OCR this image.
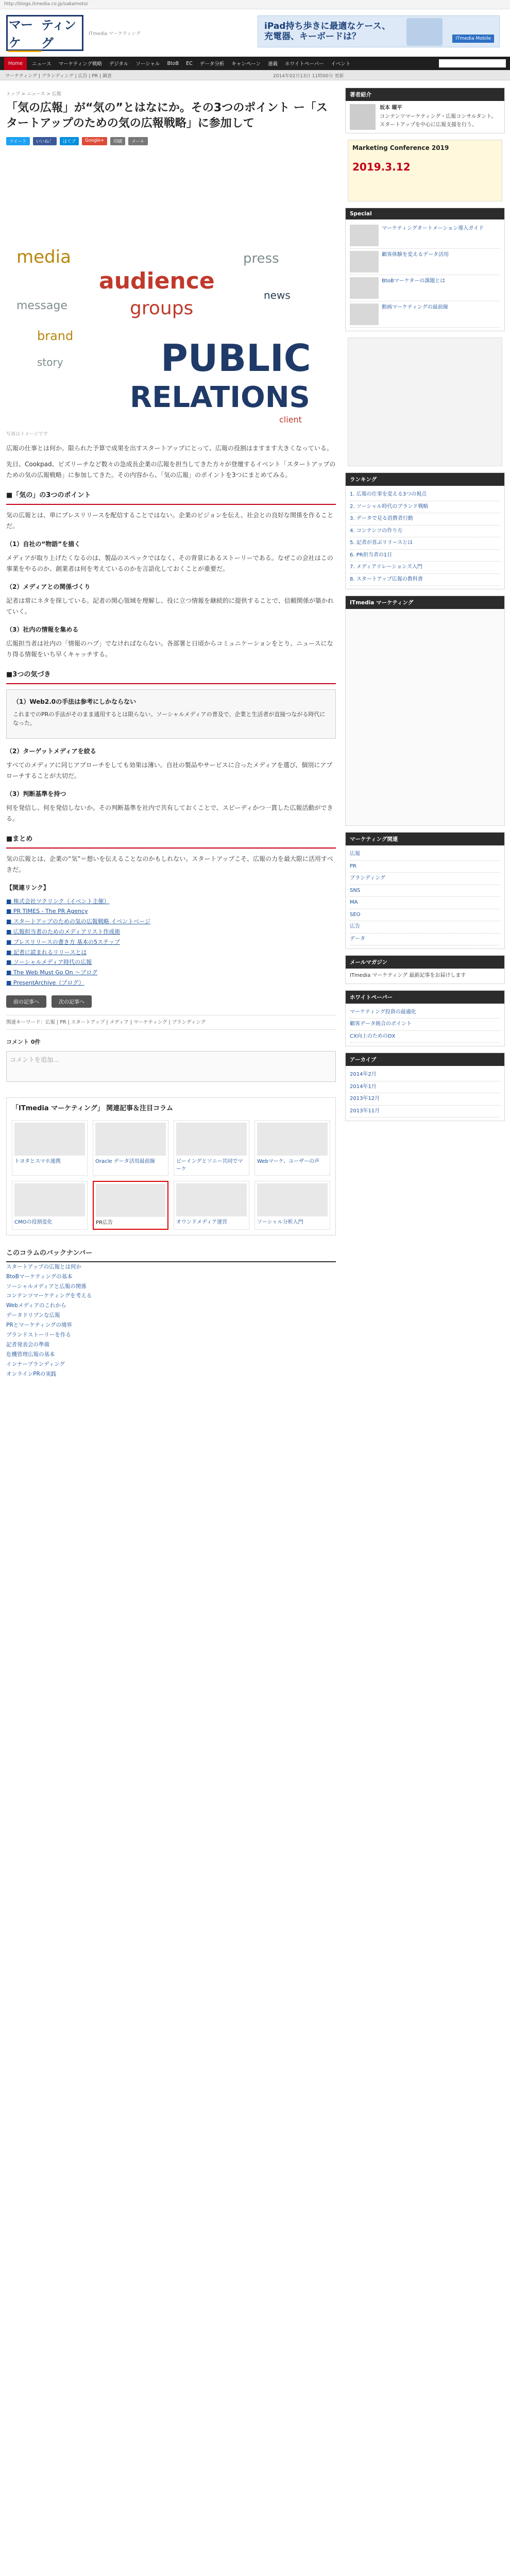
http://blogs.itmedia.co.jp/sakamoto/
マーケ
ティング
ITmedia マーケティング
iPad持ち歩きに最適なケース、
充電器、キーボードは？	ITmedia Mobile
Home	ニュース マーケティング戦略 デジタル ソーシャル BtoB EC データ分析 キャンペーン 連載 ホワイトペーパー イベント
マーケティング | ブランディング | 広告 | PR | 調査
トップ > ニュース > 広報
「気の広報」が“気の”とはなにか。その3つのポイント ー「スタートアップのための気の広報戦略」に参加して
ツイート	いいね！	はてブ	Google+	印刷	メール
media
audience
groups
message
press
news
brand
story	PUBLIC
RELATIONS
client
写真はイメージです

広報の仕事とは何か。限られた予算で成果を出すスタートアップにとって、広報の役割はますます大きくなっている。

先日、Cookpad、ビズリーチなど数々の急成長企業の広報を担当してきた方々が登壇するイベント「スタートアップのための気の広報戦略」に参加してきた。その内容から、「気の広報」のポイントを3つにまとめてみる。

■「気の」の3つのポイント

気の広報とは、単にプレスリリースを配信することではない。企業のビジョンを伝え、社会との良好な関係を作ることだ。

（1）自社の“物語”を描く

メディアが取り上げたくなるのは、製品のスペックではなく、その背景にあるストーリーである。なぜこの会社はこの事業をやるのか、創業者は何を考えているのかを言語化しておくことが重要だ。

（2）メディアとの関係づくり

記者は常にネタを探している。記者の関心領域を理解し、役に立つ情報を継続的に提供することで、信頼関係が築かれていく。

（3）社内の情報を集める

広報担当者は社内の「情報のハブ」でなければならない。各部署と日頃からコミュニケーションをとり、ニュースになり得る情報をいち早くキャッチする。

■3つの気づき
（1）Web2.0の手法は参考にしかならない

これまでのPRの手法がそのまま通用するとは限らない。ソーシャルメディアの普及で、企業と生活者が直接つながる時代になった。

（2）ターゲットメディアを絞る

すべてのメディアに同じアプローチをしても効果は薄い。自社の製品やサービスに合ったメディアを選び、個別にアプローチすることが大切だ。

（3）判断基準を持つ

何を発信し、何を発信しないか。その判断基準を社内で共有しておくことで、スピーディかつ一貫した広報活動ができる。

■まとめ

気の広報とは、企業の“気”＝想いを伝えることなのかもしれない。スタートアップこそ、広報の力を最大限に活用すべきだ。

【関連リンク】
■ 株式会社ツクリンク（イベント主催）
■ PR TIMES - The PR Agency
■ スタートアップのための気の広報戦略 イベントページ
■ 広報担当者のためのメディアリスト作成術
■ プレスリリースの書き方 基本の5ステップ
■ 記者に読まれるリリースとは
■ ソーシャルメディア時代の広報
■ The Web Must Go On ～ブログ
■ PresentArchive（ブログ）
前の記事へ	次の記事へ
関連キーワード：広報 | PR | スタートアップ | メディア | マーケティング | ブランディング
コメント 0件
コメントを追加…
「ITmedia マーケティング」 関連記事＆注目コラム
トヨタとスマホ連携	Oracle データ活用最前線	ビーイングとソニー共同でマーケ
Webマーケ、ユーザーの声
CMOの役割変化	PR広告	オウンドメディア運営	ソーシャル分析入門
このコラムのバックナンバー
スタートアップの広報とは何か
BtoBマーケティングの基本
ソーシャルメディアと広報の関係
コンテンツマーケティングを考える
Webメディアのこれから
データドリブンな広報
PRとマーケティングの境界
ブランドストーリーを作る
記者発表会の準備
危機管理広報の基本
インナーブランディング
オンラインPRの実践
2014年02月13日 11時00分 更新
著者紹介
坂本 曜平
コンテンツマーケティング・広報コンサルタント。スタートアップを中心に広報支援を行う。
Marketing Conference 2019
2019.3.12
Special
マーケティングオートメーション導入ガイド
顧客体験を変えるデータ活用
BtoBマーケターの課題とは
動画マーケティングの最前線
ランキング
1. 広報の仕事を変える3つの視点
2. ソーシャル時代のブランド戦略
3. データで見る消費者行動
4. コンテンツの作り方
5. 記者が喜ぶリリースとは
6. PR担当者の1日
7. メディアリレーションズ入門
8. スタートアップ広報の教科書
ITmedia マーケティング
マーケティング関連
広報
PR
ブランディング
SNS
MA
SEO
広告
データ
メールマガジン
ITmedia マーケティング 最新記事をお届けします
ホワイトペーパー
マーケティング投資の最適化
顧客データ統合のポイント
CX向上のためのDX
アーカイブ
2014年2月
2014年1月
2013年12月
2013年11月
